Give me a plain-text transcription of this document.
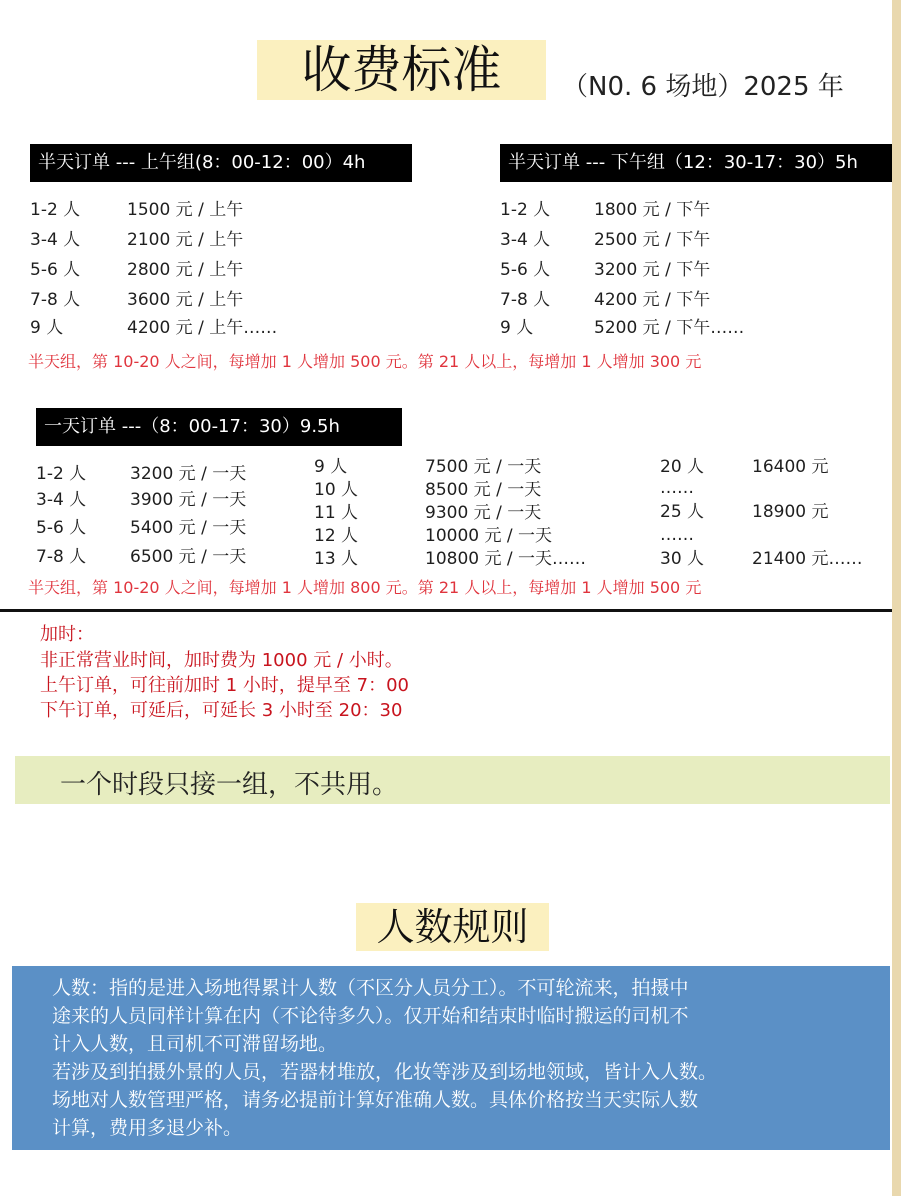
收费标准	（N0. 6 场地）2025 年
半天订单 --- 上午组(8：00-12：00）4h
1-2 人	1500 元 / 上午
3-4 人	2100 元 / 上午
5-6 人	2800 元 / 上午
7-8 人	3600 元 / 上午
9 人	4200 元 / 上午……
半天订单 --- 下午组（12：30-17：30）5h
1-2 人	1800 元 / 下午
3-4 人	2500 元 / 下午
5-6 人	3200 元 / 下午
7-8 人	4200 元 / 下午
9 人	5200 元 / 下午……
半天组，第 10-20 人之间，每增加 1 人增加 500 元。第 21 人以上，每增加 1 人增加 300 元
一天订单 ---（8：00-17：30）9.5h
1-2 人	3200 元 / 一天
3-4 人	3900 元 / 一天
5-6 人	5400 元 / 一天
7-8 人	6500 元 / 一天
9 人	7500 元 / 一天
10 人	8500 元 / 一天
11 人	9300 元 / 一天
12 人	10000 元 / 一天
13 人	10800 元 / 一天……
20 人	16400 元
……
25 人	18900 元
……
30 人	21400 元……
半天组，第 10-20 人之间，每增加 1 人增加 800 元。第 21 人以上，每增加 1 人增加 500 元
加时：
非正常营业时间，加时费为 1000 元 / 小时。
上午订单，可往前加时 1 小时，提早至 7：00
下午订单，可延后，可延长 3 小时至 20：30
一个时段只接一组，不共用。
人数规则
人数：指的是进入场地得累计人数（不区分人员分工）。不可轮流来，拍摄中
途来的人员同样计算在内（不论待多久）。仅开始和结束时临时搬运的司机不
计入人数，且司机不可滞留场地。
若涉及到拍摄外景的人员，若器材堆放，化妆等涉及到场地领域，皆计入人数。
场地对人数管理严格，请务必提前计算好准确人数。具体价格按当天实际人数
计算，费用多退少补。
